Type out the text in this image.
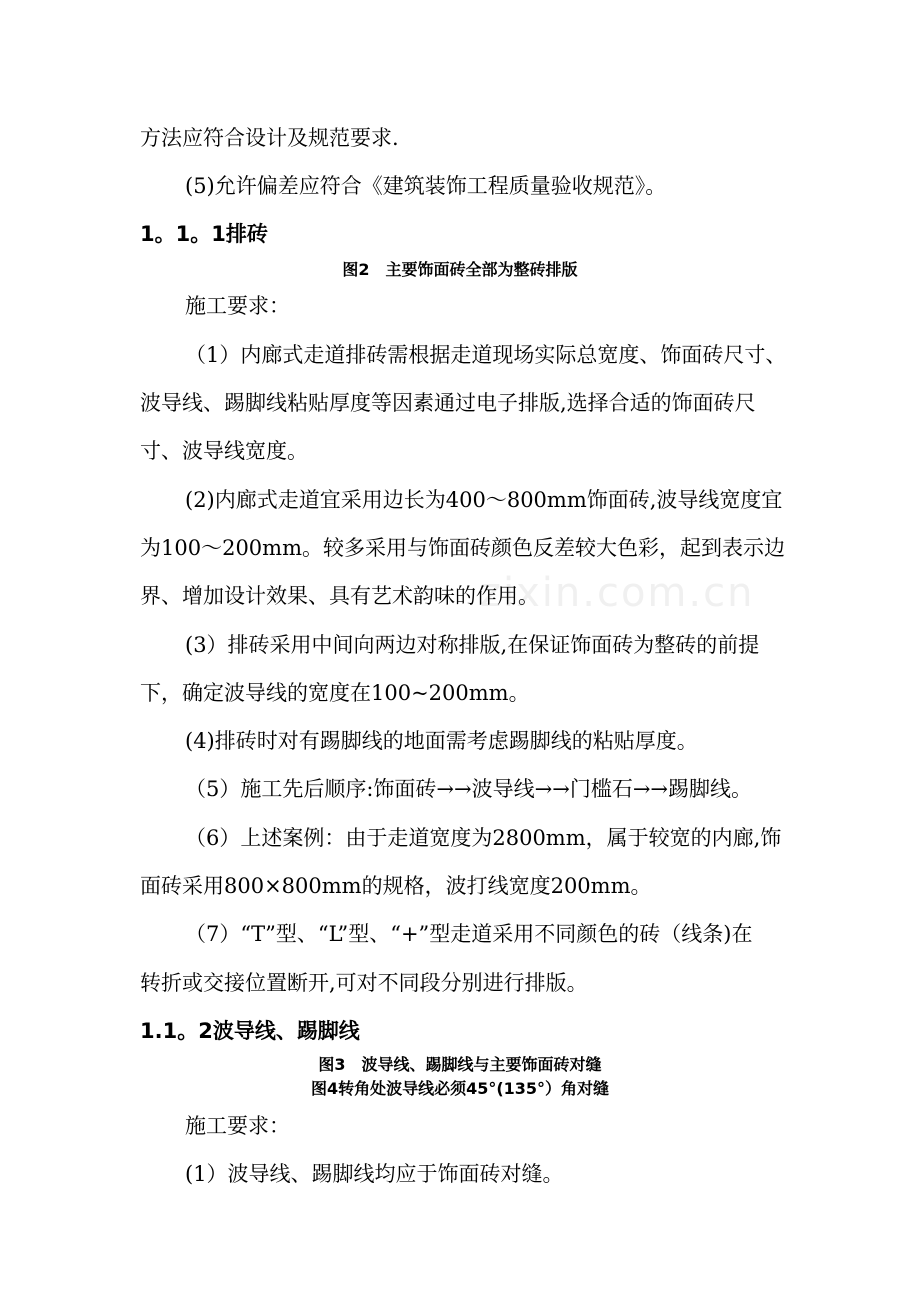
zixin.com.cn
方法应符合设计及规范要求.
(5)允许偏差应符合《建筑装饰工程质量验收规范》。
1。1。1排砖
图2　主要饰面砖全部为整砖排版
施工要求：
（1）内廊式走道排砖需根据走道现场实际总宽度、饰面砖尺寸、
波导线、踢脚线粘贴厚度等因素通过电子排版,选择合适的饰面砖尺
寸、波导线宽度。
(2)内廊式走道宜采用边长为400～800mm饰面砖,波导线宽度宜
为100～200mm。较多采用与饰面砖颜色反差较大色彩，起到表示边
界、增加设计效果、具有艺术韵味的作用。
(3）排砖采用中间向两边对称排版,在保证饰面砖为整砖的前提
下，确定波导线的宽度在100~200mm。
(4)排砖时对有踢脚线的地面需考虑踢脚线的粘贴厚度。
（5）施工先后顺序:饰面砖→→波导线→→门槛石→→踢脚线。
（6）上述案例：由于走道宽度为2800mm，属于较宽的内廊,饰
面砖采用800×800mm的规格，波打线宽度200mm。
（7）“T”型、“L”型、“+”型走道采用不同颜色的砖（线条)在
转折或交接位置断开,可对不同段分别进行排版。
1.1。2波导线、踢脚线
图3　波导线、踢脚线与主要饰面砖对缝
图4转角处波导线必须45°(135°）角对缝
施工要求：
(1）波导线、踢脚线均应于饰面砖对缝。
